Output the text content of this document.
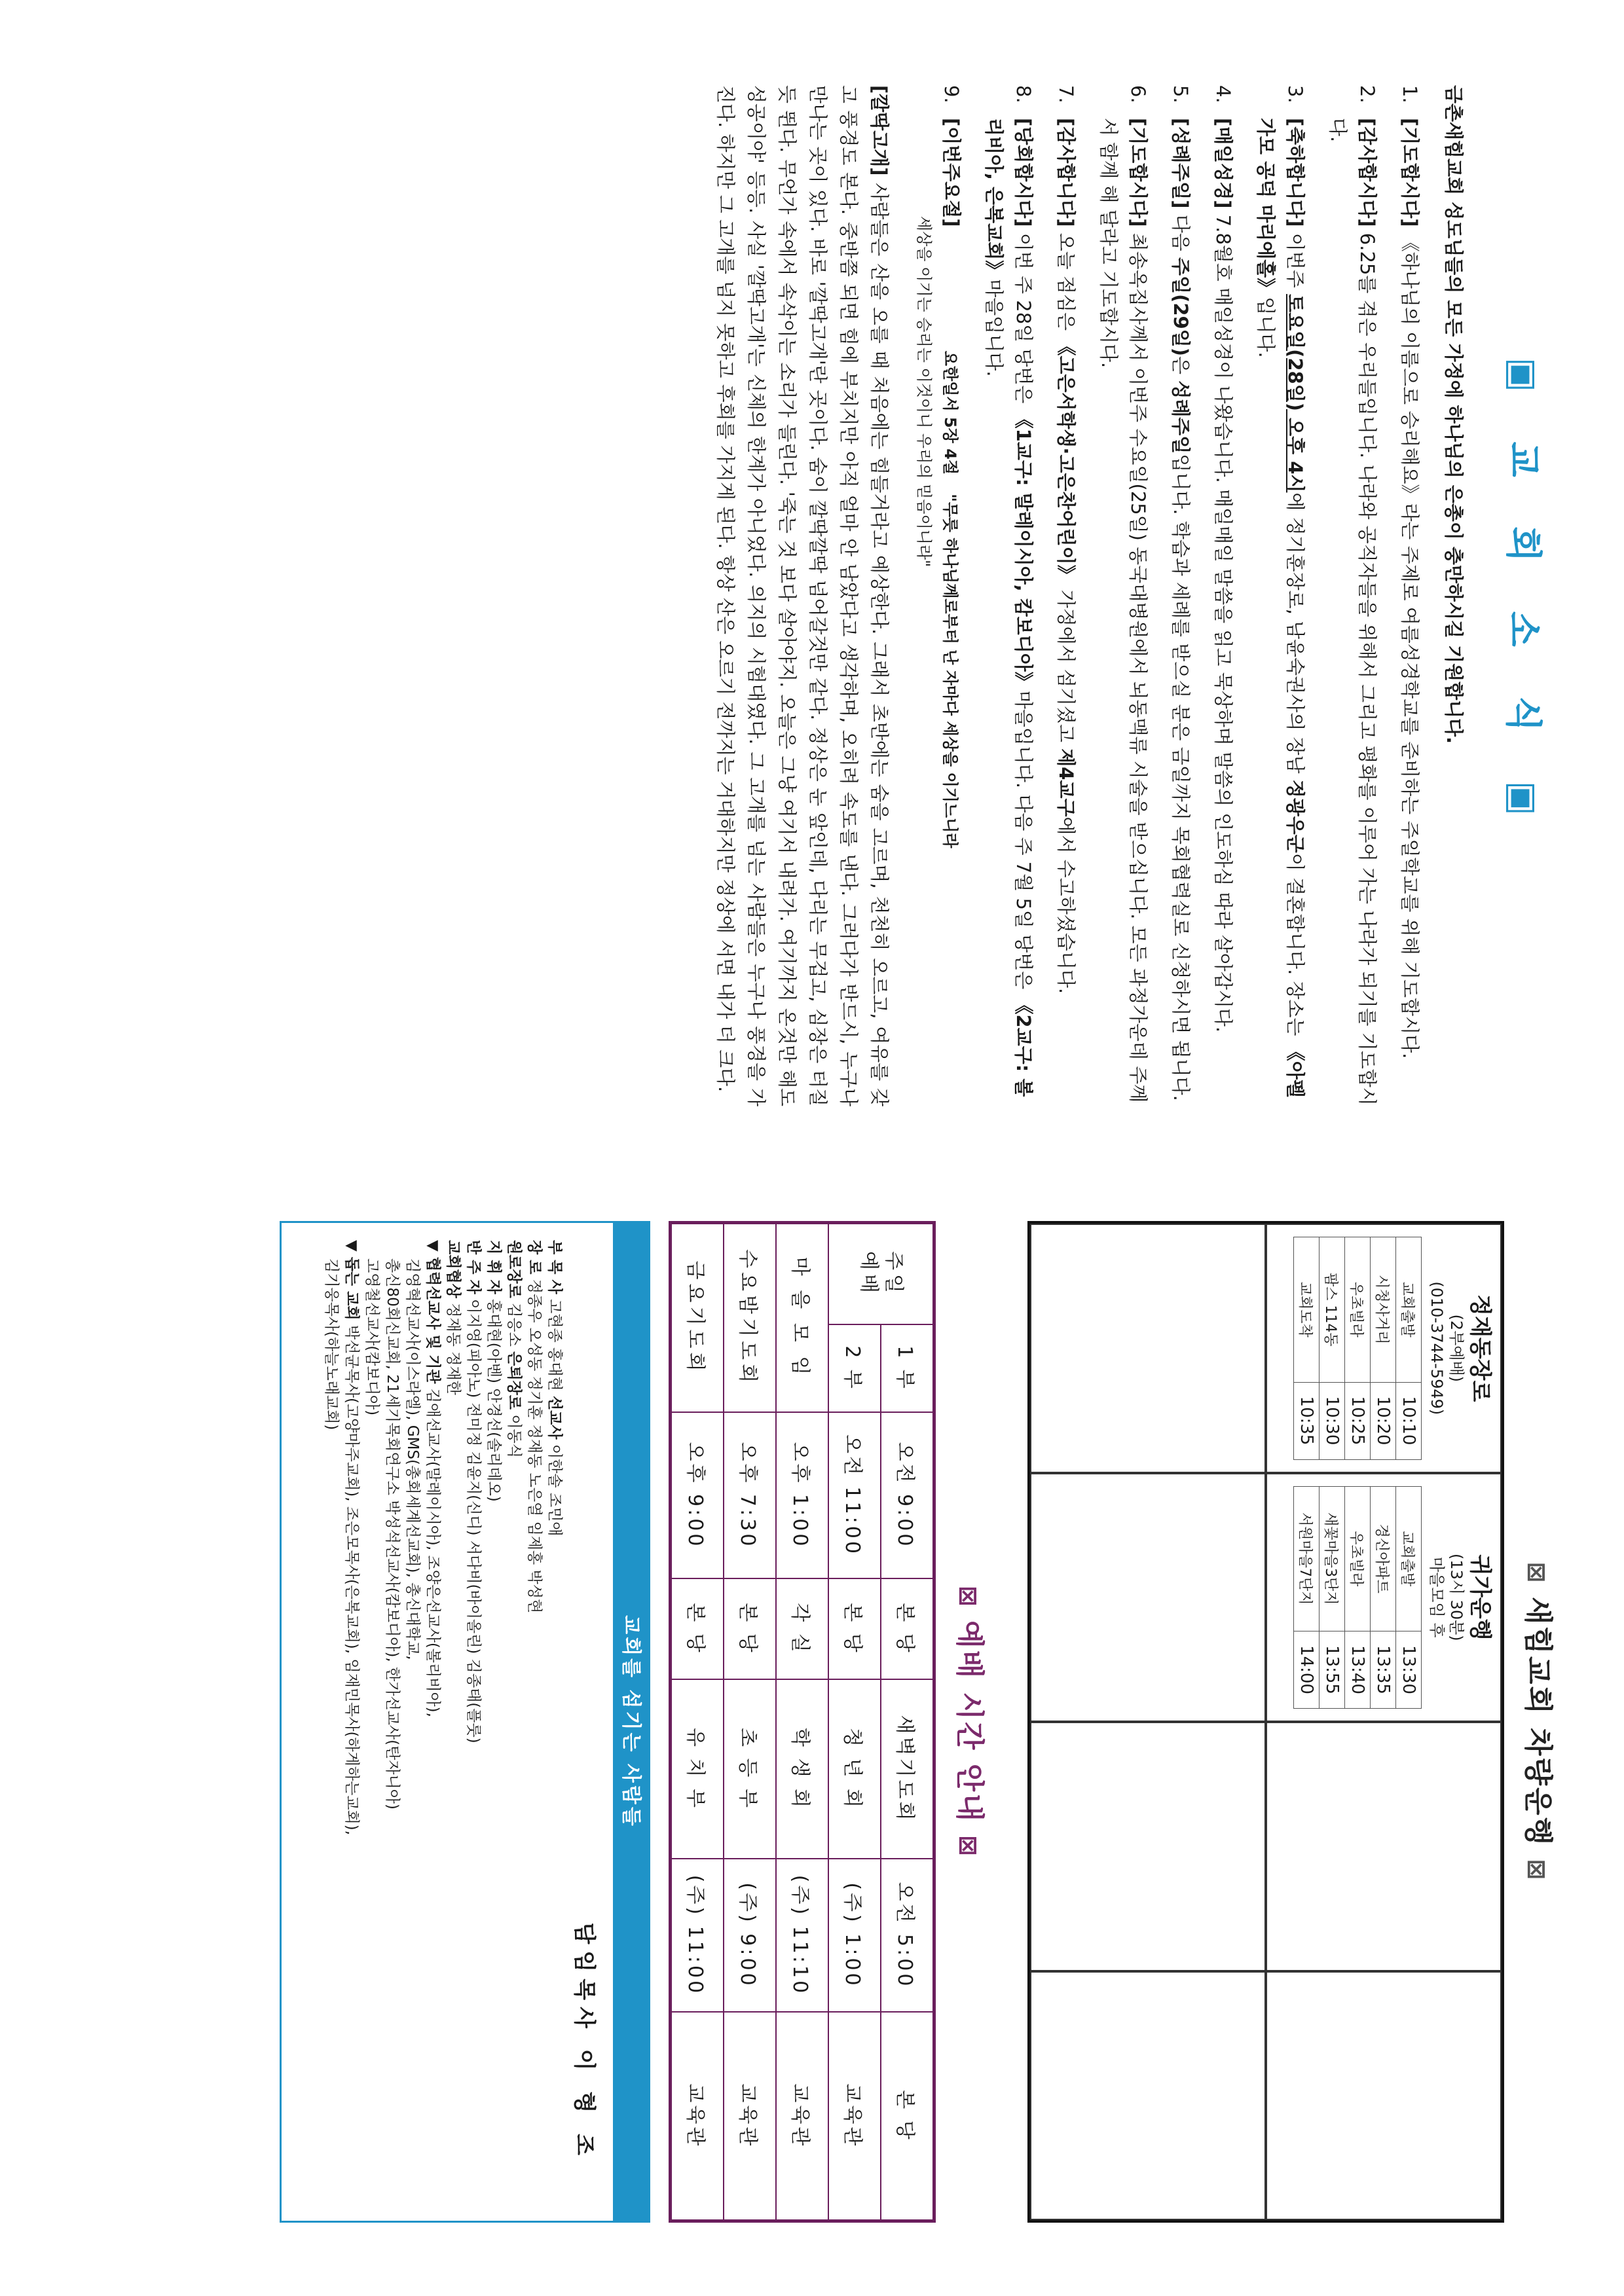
▣ 교 회 소 식 ▣
금촌새힘교회 성도님들의 모든 가정에 하나님의 은총이 충만하시길 기원합니다.
1.
[기도합시다] 《하나님의 이름으로 승리해요》라는 주제로 여름성경학교를 준비하는 주일학교를 위해 기도합시다.
2.
[감사합시다] 6.25를 겪은 우리들입니다. 나라와 공직자들을 위해서 그리고 평화를 이루어 가는 나라가 되기를 기도합시다.
3.
[축하합니다] 이번주 토요일(28일) 오후 4시에 정기훈장로, 남윤숙권사의 장남 정광우군이 결혼합니다. 장소는 《아펠가모 공덕 마리에홀》입니다.
4.
[매일성경] 7.8월호 매일성경이 나왔습니다. 매일매일 말씀을 읽고 묵상하며 말씀의 인도하심 따라 살아갑시다.
5.
[성례주일] 다음 주일(29일)은 성례주일입니다. 학습과 세례를 받으실 분은 금일까지 목회협력실로 신청하시면 됩니다.
6.
[기도합시다] 최송옥집사께서 이번주 수요일(25일) 동국대병원에서 뇌동맥류 시술을 받으십니다. 모든 과정가운데 주께서 함께 해 달라고 기도합시다.
7.
[감사합니다] 오늘 점심은 《고은서학생·고은찬어린이》 가정에서 섬기셨고 제4교구에서 수고하셨습니다.
8.
[당회합시다] 이번 주 28일 당번은 《1교구: 말레이시아, 캄보디아》마을입니다. 다음 주 7월 5일 당번은 《2교구: 볼리비아, 은복교회》마을입니다.
9.
[이번주요절] 요한일서 5장 4절 "무릇 하나님께로부터 난 자마다 세상을 이기느니라
세상을 이기는 승리는 이것이니 우리의 믿음이니라"
[깔딱고개] 사람들은 산을 오를 때 처음에는 힘들거라고 예상한다. 그래서 초반에는 숨을 고르며, 천천히 오르고, 여유를 갖고 풍경도 본다. 중반쯤 되면 힘에 부치지만 아직 얼마 안 남았다고 생각하며, 오히려 속도를 낸다. 그러다가 반드시, 누구나 만나는 곳이 있다. 바로 '깔딱고개'란 곳이다. 숨이 깔딱깔딱 넘어갈것만 같다. 정상은 눈 앞인데, 다리는 무겁고, 심장은 터질 듯 뛴다. 무언가 속에서 속삭이는 소리가 들린다. '죽는 것 보다 살아야지. 오늘은 그냥 여기서 내려가. 여기까지 온것만 해도 성공이야' 등등. 사실 '깔딱고개'는 신체의 한계가 아니었다. 의지의 시험대였다. 그 고개를 넘는 사람들은 누구나 풍경을 가진다. 하지만 그 고개를 넘지 못하고 후회를 가지게 된다. 항상 산은 오르기 전까지는 거대하지만 정상에 서면 내가 더 크다.
⊠ 새힘교회 차량운행 ⊠
정재동장로
(2부예배)
(010-3744-5949)
교회출발	10:10
시청사거리	10:20
우초빌라	10:25
팜스 114동	10:30
교회도착	10:35
귀가운행
(13시 30분)
마을모임 후
교회출발	13:30
경신아파트	13:35
우초빌라	13:40
새꽃마을3단지	13:55
서원마을7단지	14:00
⊠ 예배 시간 안내 ⊠
주일
예배	1 부	오전 9:00	본 당	새벽기도회	오전 5:00	본 당
	2 부	오전 11:00	본 당	청 년 회	(주) 1:00	교육관
마 을 모 임		오후 1:00	각 실	학 생 회	(주) 11:10	교육관
수요밤기도회		오후 7:30	본 당	초 등 부	(주) 9:00	교육관
금요기도회		오후 9:00	본 당	유 치 부	(주) 11:00	교육관
교회를 섬기는 사람들
담임목사 이 형 조

부 목 사 고현종 홍대현 선교사 이한솔 조민애

장 로 정종우 오성동 정기훈 정재동 노은열 임제홍 박성현

원로장로 김응소 은퇴장로 이동식

지 휘 자 홍대현(아벤) 안경선(솔리데오)

반 주 자 이지영(피아노) 전미정 김윤지(신디) 서다비(바이올린) 김종태(플룻)

교회협상 정재동 정재한

▼ 협력선교사 및 기관 김애선교사(말레이시아), 조양은선교사(볼리비아),

김영혁선교사(이스라엘), GMS(총회세계선교회), 총신대학교,

총신80회신교회, 21세기목회연구소 박성석선교사(캄보디아), 한가선교사(탄자니아)

고영철선교사(캄보디아)

▼ 돕는 교회 박선균목사(고양마주교회), 조은모목사(은복교회), 임재민목사(하게하는교회),

김기웅목사(하늘노래교회)
